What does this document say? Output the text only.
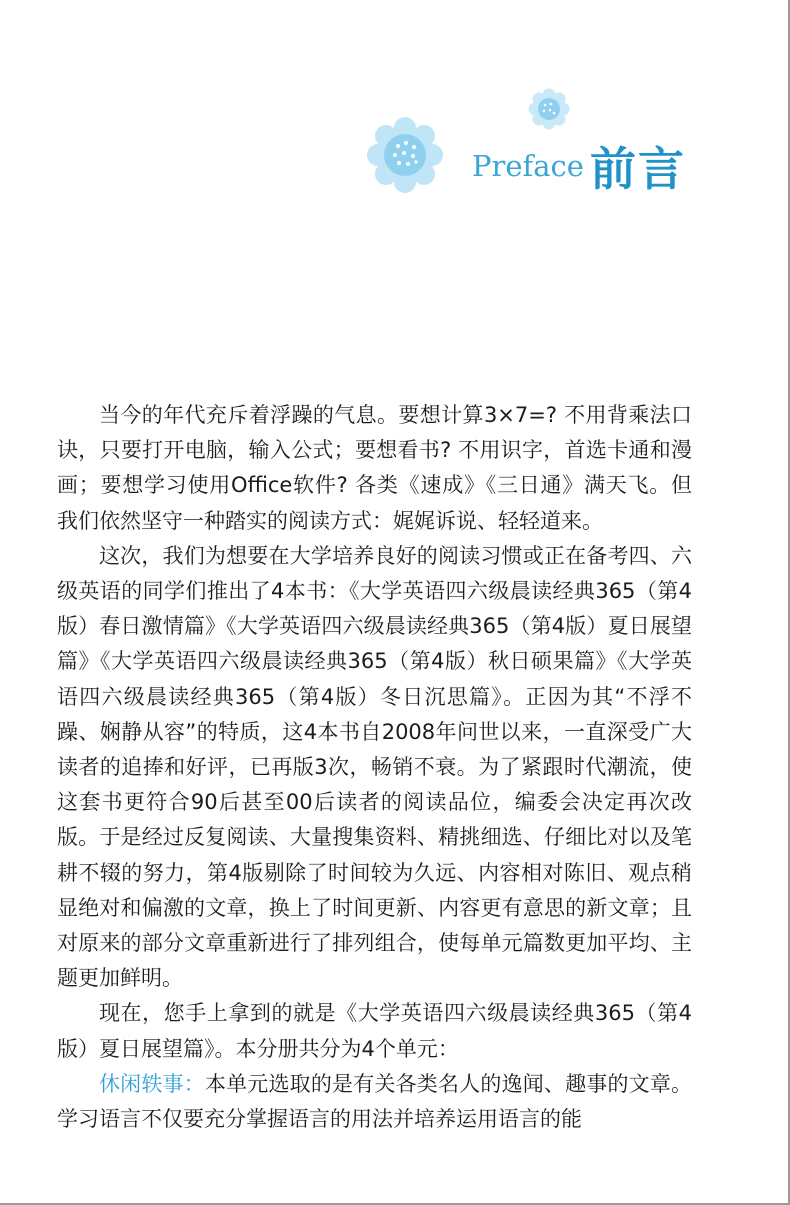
Preface 前言

当今的年代充斥着浮躁的气息。要想计算3×7=? 不用背乘法口诀，只要打开电脑，输入公式；要想看书? 不用识字，首选卡通和漫画；要想学习使用Office软件? 各类《速成》《三日通》满天飞。但我们依然坚守一种踏实的阅读方式：娓娓诉说、轻轻道来。

这次，我们为想要在大学培养良好的阅读习惯或正在备考四、六级英语的同学们推出了4本书：《大学英语四六级晨读经典365（第4版）春日激情篇》《大学英语四六级晨读经典365（第4版）夏日展望篇》《大学英语四六级晨读经典365（第4版）秋日硕果篇》《大学英语四六级晨读经典365（第4版）冬日沉思篇》。正因为其“不浮不躁、娴静从容”的特质，这4本书自2008年问世以来，一直深受广大读者的追捧和好评，已再版3次，畅销不衰。为了紧跟时代潮流，使这套书更符合90后甚至00后读者的阅读品位，编委会决定再次改版。于是经过反复阅读、大量搜集资料、精挑细选、仔细比对以及笔耕不辍的努力，第4版剔除了时间较为久远、内容相对陈旧、观点稍显绝对和偏激的文章，换上了时间更新、内容更有意思的新文章；且对原来的部分文章重新进行了排列组合，使每单元篇数更加平均、主题更加鲜明。

现在，您手上拿到的就是《大学英语四六级晨读经典365（第4版）夏日展望篇》。本分册共分为4个单元：

休闲轶事：本单元选取的是有关各类名人的逸闻、趣事的文章。学习语言不仅要充分掌握语言的用法并培养运用语言的能
